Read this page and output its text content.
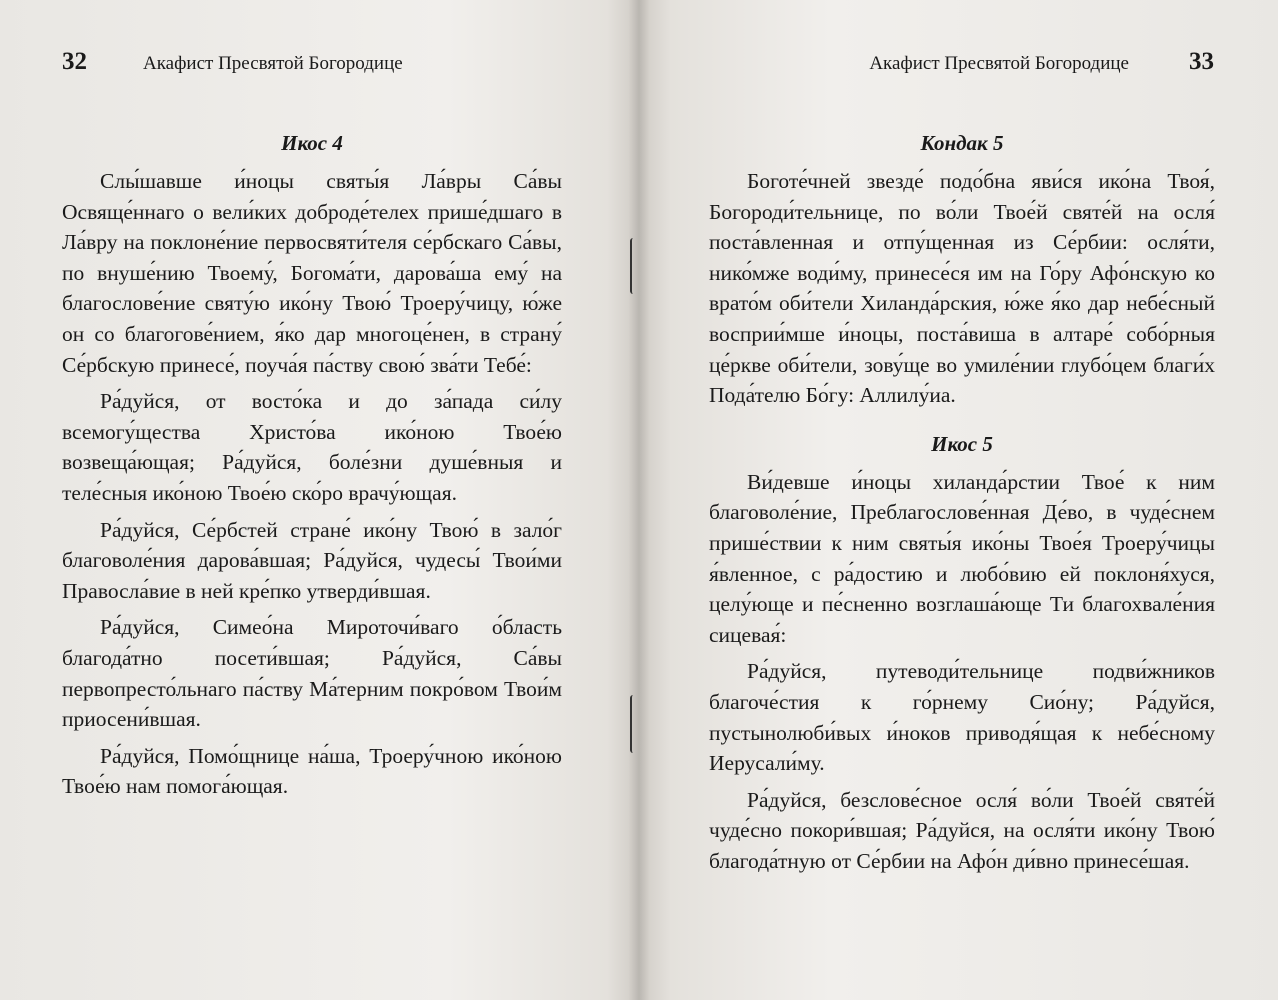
32	Акафист Пресвятой Богородице
Икос 4

Слы́шавше и́ноцы святы́я Ла́вры Са́вы Освяще́ннаго о вели́ких доброде́телех прише́дшаго в Ла́вру на поклоне́ние первосвяти́теля се́рбскаго Са́вы, по внуше́нию Твоему́, Богома́ти, дарова́ша ему́ на благослове́ние святу́ю ико́ну Твою́ Троеру́чицу, ю́же он со благогове́нием, я́ко дар многоце́нен, в страну́ Се́рбскую принесе́, поуча́я па́ству свою́ зва́ти Тебе́:

Ра́дуйся, от восто́ка и до за́пада си́лу всемогу́щества Христо́ва ико́ною Твое́ю возвеща́ющая; Ра́дуйся, боле́зни душе́вныя и теле́сныя ико́ною Твое́ю ско́ро врачу́ющая.

Ра́дуйся, Се́рбстей стране́ ико́ну Твою́ в зало́г благоволе́ния дарова́вшая; Ра́дуйся, чудесы́ Твои́ми Правосла́вие в ней кре́пко утверди́вшая.

Ра́дуйся, Симео́на Мироточи́ваго о́бласть благода́тно посети́вшая; Ра́дуйся, Са́вы первопресто́льнаго па́ству Ма́терним покро́вом Твои́м приосени́вшая.

Ра́дуйся, Помо́щнице на́ша, Троеру́чною ико́ною Твое́ю нам помога́ющая.

Акафист Пресвятой Богородице 33
Кондак 5

Боготе́чней звезде́ подо́бна яви́ся ико́на Твоя́, Богороди́тельнице, по во́ли Твое́й святе́й на осля́ поста́вленная и отпу́щенная из Се́рбии: осля́ти, нико́мже води́му, принесе́ся им на Го́ру Афо́нскую ко врато́м оби́тели Хиланда́рския, ю́же я́ко дар небе́сный восприи́мше и́ноцы, поста́виша в алтаре́ собо́рныя це́ркве оби́тели, зову́ще во умиле́нии глубо́цем благи́х Пода́телю Бо́гу: Аллилу́иа.

Икос 5

Ви́девше и́ноцы хиланда́рстии Твое́ к ним благоволе́ние, Преблагослове́нная Де́во, в чуде́снем прише́ствии к ним святы́я ико́ны Твое́я Троеру́чицы я́вленное, с ра́достию и любо́вию ей поклоня́хуся, целу́юще и пе́сненно возглаша́юще Ти благохвале́ния сицевая́:

Ра́дуйся, путеводи́тельнице подви́жников благоче́стия к го́рнему Сио́ну; Ра́дуйся, пустынолюби́вых и́ноков приводя́щая к небе́сному Иерусали́му.

Ра́дуйся, безслове́сное осля́ во́ли Твое́й святе́й чуде́сно покори́вшая; Ра́дуйся, на осля́ти ико́ну Твою́ благода́тную от Се́рбии на Афо́н ди́вно принесе́шая.
